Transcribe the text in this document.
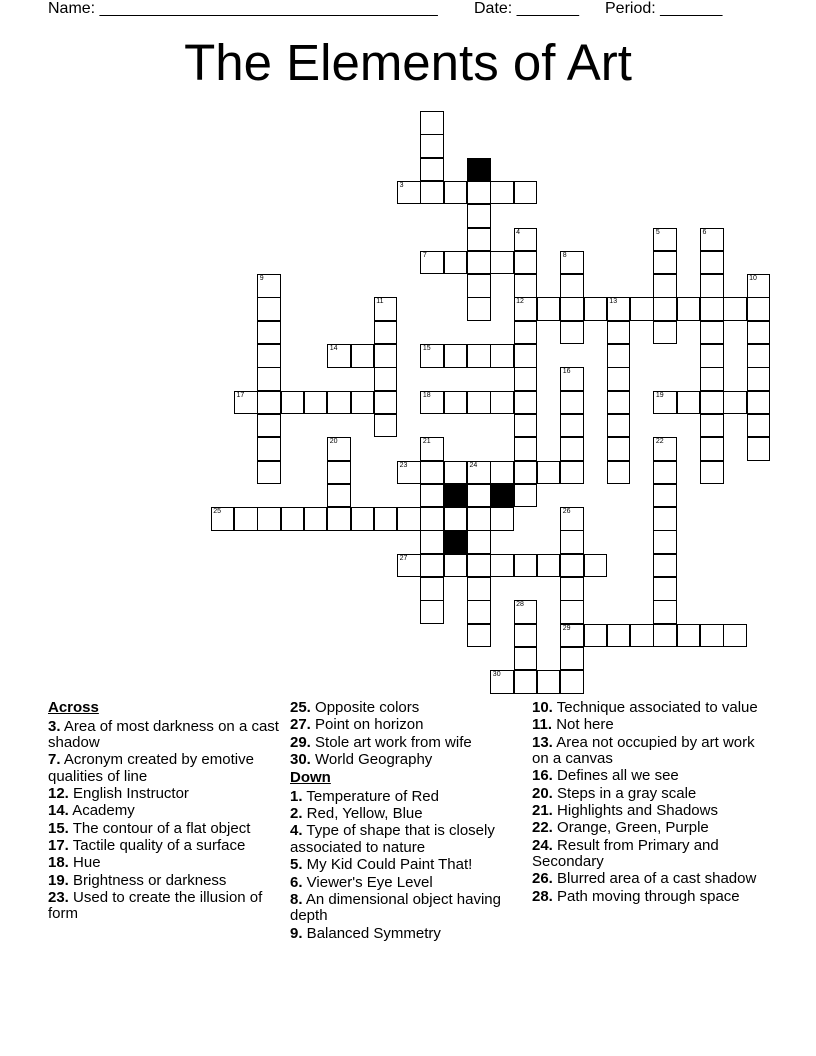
Name: ______________________________________ Date: _______ Period: _______
The Elements of Art
3
4	5	6
7	8
9	10
11	12	13
14	15
16
17	18	19
20	21	22
23	24
25	26
27
28
29
30
Across
3. Area of most darkness on a cast shadow
7. Acronym created by emotive qualities of line
12. English Instructor
14. Academy
15. The contour of a flat object
17. Tactile quality of a surface
18. Hue
19. Brightness or darkness
23. Used to create the illusion of form
25. Opposite colors
27. Point on horizon
29. Stole art work from wife
30. World Geography
Down
1. Temperature of Red
2. Red, Yellow, Blue
4. Type of shape that is closely associated to nature
5. My Kid Could Paint That!
6. Viewer's Eye Level
8. An dimensional object having depth
9. Balanced Symmetry
10. Technique associated to value
11. Not here
13. Area not occupied by art work on a canvas
16. Defines all we see
20. Steps in a gray scale
21. Highlights and Shadows
22. Orange, Green, Purple
24. Result from Primary and Secondary
26. Blurred area of a cast shadow
28. Path moving through space
